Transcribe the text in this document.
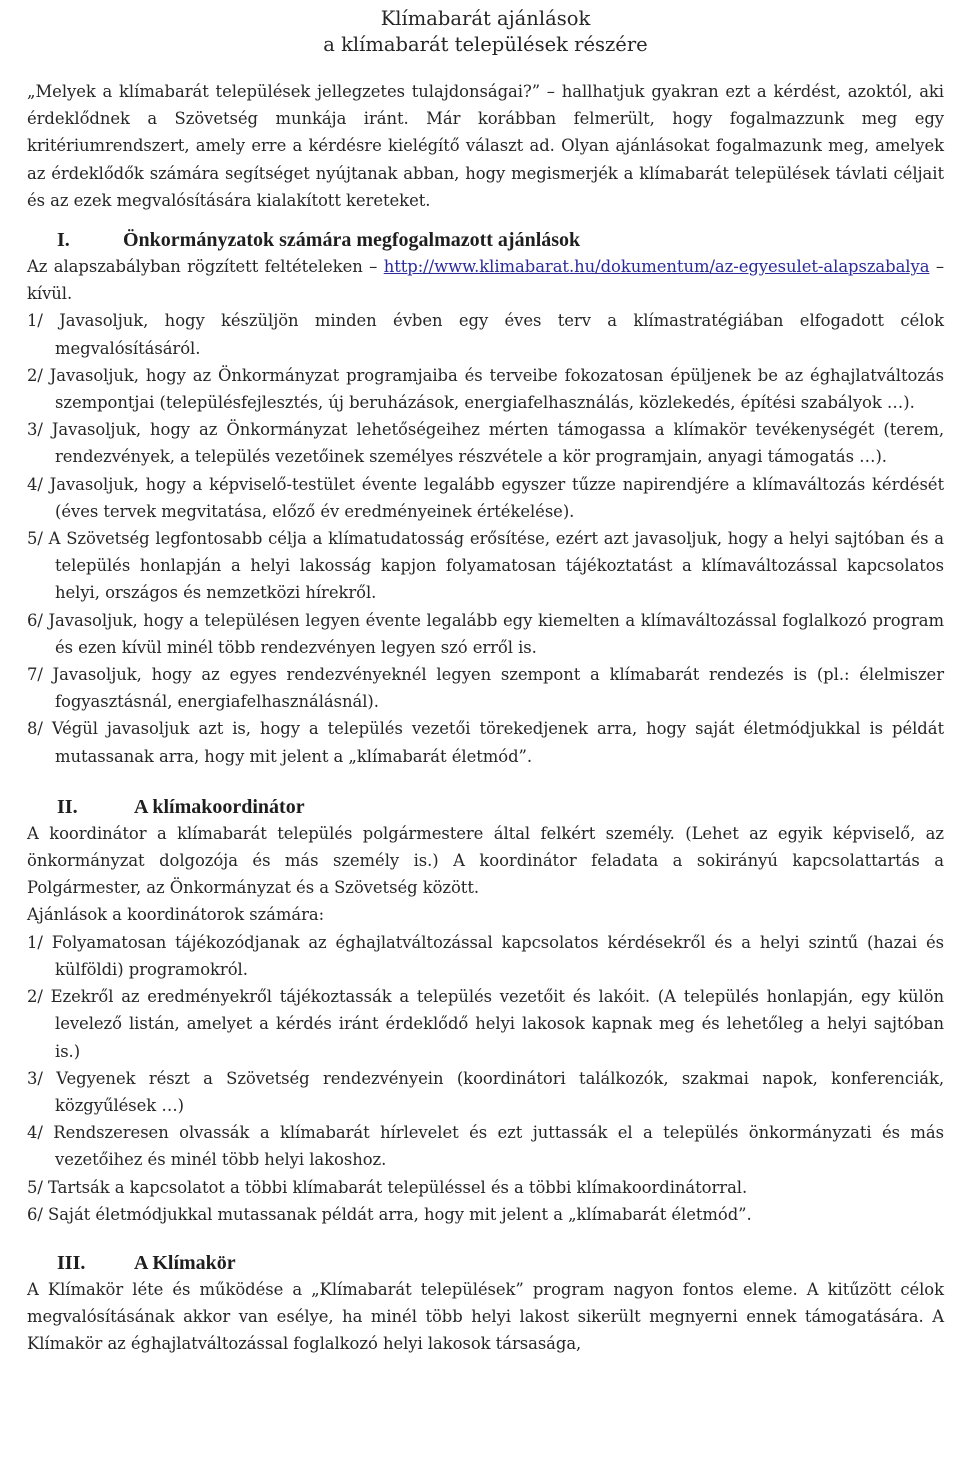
Klímabarát ajánlások
a klímabarát települések részére

„Melyek a klímabarát települések jellegzetes tulajdonságai?” – hallhatjuk gyakran ezt a kérdést, azoktól, aki érdeklődnek a Szövetség munkája iránt. Már korábban felmerült, hogy fogalmazzunk meg egy kritériumrendszert, amely erre a kérdésre kielégítő választ ad. Olyan ajánlásokat fogalmazunk meg, amelyek az érdeklődők számára segítséget nyújtanak abban, hogy megismerjék a klímabarát települések távlati céljait és az ezek megvalósítására kialakított kereteket.

I.	Önkormányzatok számára megfogalmazott ajánlások

Az alapszabályban rögzített feltételeken – http://www.klimabarat.hu/dokumentum/az-egyesulet-alapszabalya – kívül.

1/ Javasoljuk, hogy készüljön minden évben egy éves terv a klímastratégiában elfogadott célok megvalósításáról.

2/ Javasoljuk, hogy az Önkormányzat programjaiba és terveibe fokozatosan épüljenek be az éghajlatváltozás szempontjai (településfejlesztés, új beruházások, energiafelhasználás, közlekedés, építési szabályok …).

3/ Javasoljuk, hogy az Önkormányzat lehetőségeihez mérten támogassa a klímakör tevékenységét (terem, rendezvények, a település vezetőinek személyes részvétele a kör programjain, anyagi támogatás …).

4/ Javasoljuk, hogy a képviselő-testület évente legalább egyszer tűzze napirendjére a klímaváltozás kérdését (éves tervek megvitatása, előző év eredményeinek értékelése).

5/ A Szövetség legfontosabb célja a klímatudatosság erősítése, ezért azt javasoljuk, hogy a helyi sajtóban és a település honlapján a helyi lakosság kapjon folyamatosan tájékoztatást a klímaváltozással kapcsolatos helyi, országos és nemzetközi hírekről.

6/ Javasoljuk, hogy a településen legyen évente legalább egy kiemelten a klímaváltozással foglalkozó program és ezen kívül minél több rendezvényen legyen szó erről is.

7/ Javasoljuk, hogy az egyes rendezvényeknél legyen szempont a klímabarát rendezés is (pl.: élelmiszer fogyasztásnál, energiafelhasználásnál).

8/ Végül javasoljuk azt is, hogy a település vezetői törekedjenek arra, hogy saját életmódjukkal is példát mutassanak arra, hogy mit jelent a „klímabarát életmód”.

II.	A klímakoordinátor

A koordinátor a klímabarát település polgármestere által felkért személy. (Lehet az egyik képviselő, az önkormányzat dolgozója és más személy is.) A koordinátor feladata a sokirányú kapcsolattartás a Polgármester, az Önkormányzat és a Szövetség között.

Ajánlások a koordinátorok számára:

1/ Folyamatosan tájékozódjanak az éghajlatváltozással kapcsolatos kérdésekről és a helyi szintű (hazai és külföldi) programokról.

2/ Ezekről az eredményekről tájékoztassák a település vezetőit és lakóit. (A település honlapján, egy külön levelező listán, amelyet a kérdés iránt érdeklődő helyi lakosok kapnak meg és lehetőleg a helyi sajtóban is.)

3/ Vegyenek részt a Szövetség rendezvényein (koordinátori találkozók, szakmai napok, konferenciák, közgyűlések …)

4/ Rendszeresen olvassák a klímabarát hírlevelet és ezt juttassák el a település önkormányzati és más vezetőihez és minél több helyi lakoshoz.

5/ Tartsák a kapcsolatot a többi klímabarát településsel és a többi klímakoordinátorral.

6/ Saját életmódjukkal mutassanak példát arra, hogy mit jelent a „klímabarát életmód”.

III. A Klímakör

A Klímakör léte és működése a „Klímabarát települések” program nagyon fontos eleme. A kitűzött célok megvalósításának akkor van esélye, ha minél több helyi lakost sikerült megnyerni ennek támogatására. A Klímakör az éghajlatváltozással foglalkozó helyi lakosok társasága,
